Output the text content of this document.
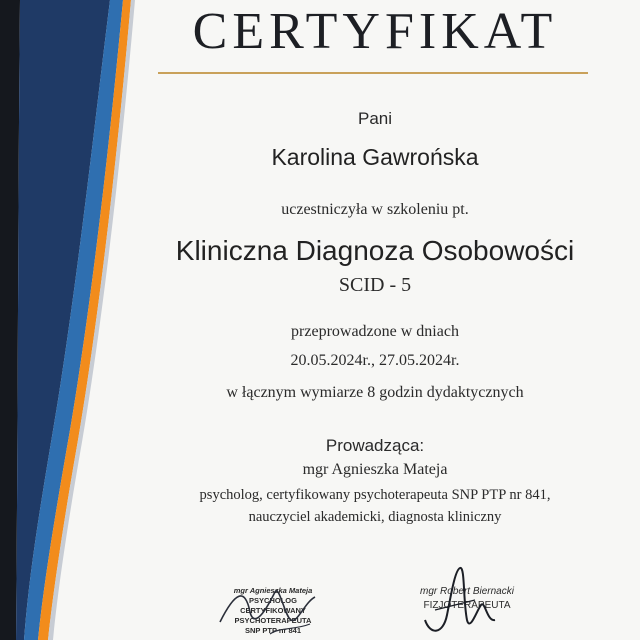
CERTYFIKAT
Pani
Karolina Gawrońska
uczestniczyła w szkoleniu pt.
Kliniczna Diagnoza Osobowości
SCID - 5
przeprowadzone w dniach
20.05.2024r., 27.05.2024r.
w łącznym wymiarze 8 godzin dydaktycznych
Prowadząca:
mgr Agnieszka Mateja
psycholog, certyfikowany psychoterapeuta SNP PTP nr 841,
nauczyciel akademicki, diagnosta kliniczny
mgr Agnieszka Mateja
PSYCHOLOG
CERTYFIKOWANY PSYCHOTERAPEUTA
SNP PTP nr 841
mgr Robert Biernacki
FIZJOTERAPEUTA
